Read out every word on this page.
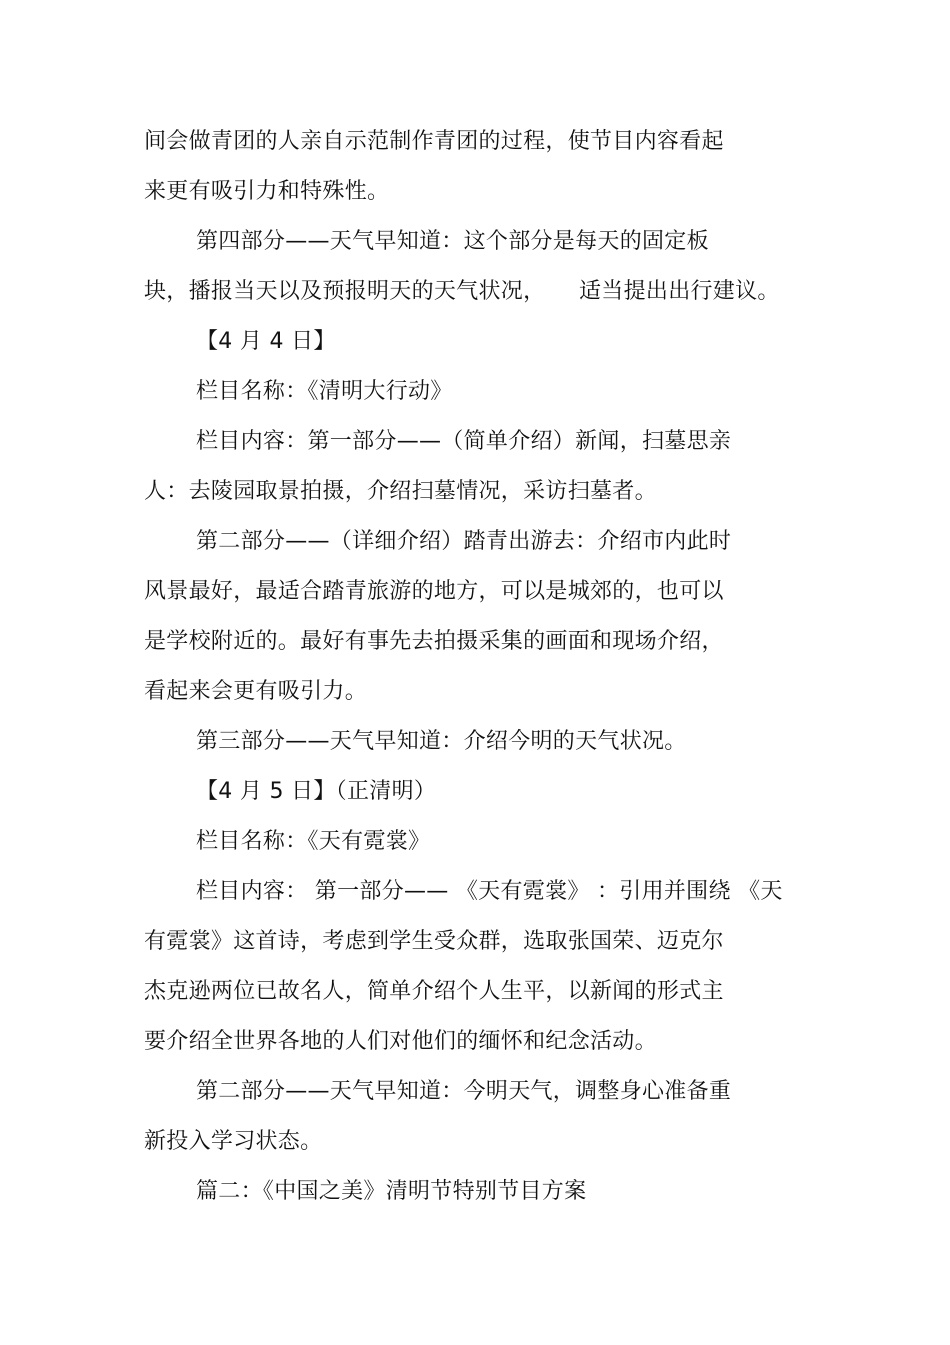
间会做青团的人亲自示范制作青团的过程，使节目内容看起
来更有吸引力和特殊性。
第四部分——天气早知道：这个部分是每天的固定板
块，播报当天以及预报明天的天气状况，　　适当提出出行建议。
【4 月 4 日】
栏目名称：《清明大行动》
栏目内容：第一部分——（简单介绍）新闻，扫墓思亲
人：去陵园取景拍摄，介绍扫墓情况，采访扫墓者。
第二部分——（详细介绍）踏青出游去：介绍市内此时
风景最好，最适合踏青旅游的地方，可以是城郊的，也可以
是学校附近的。最好有事先去拍摄采集的画面和现场介绍，
看起来会更有吸引力。
第三部分——天气早知道：介绍今明的天气状况。
【4 月 5 日】（正清明）
栏目名称：《天有霓裳》
栏目内容： 第一部分—— 《天有霓裳》 ：引用并围绕 《天
有霓裳》这首诗，考虑到学生受众群，选取张国荣、迈克尔
杰克逊两位已故名人，简单介绍个人生平，以新闻的形式主
要介绍全世界各地的人们对他们的缅怀和纪念活动。
第二部分——天气早知道：今明天气，调整身心准备重
新投入学习状态。
篇二：《中国之美》清明节特别节目方案
